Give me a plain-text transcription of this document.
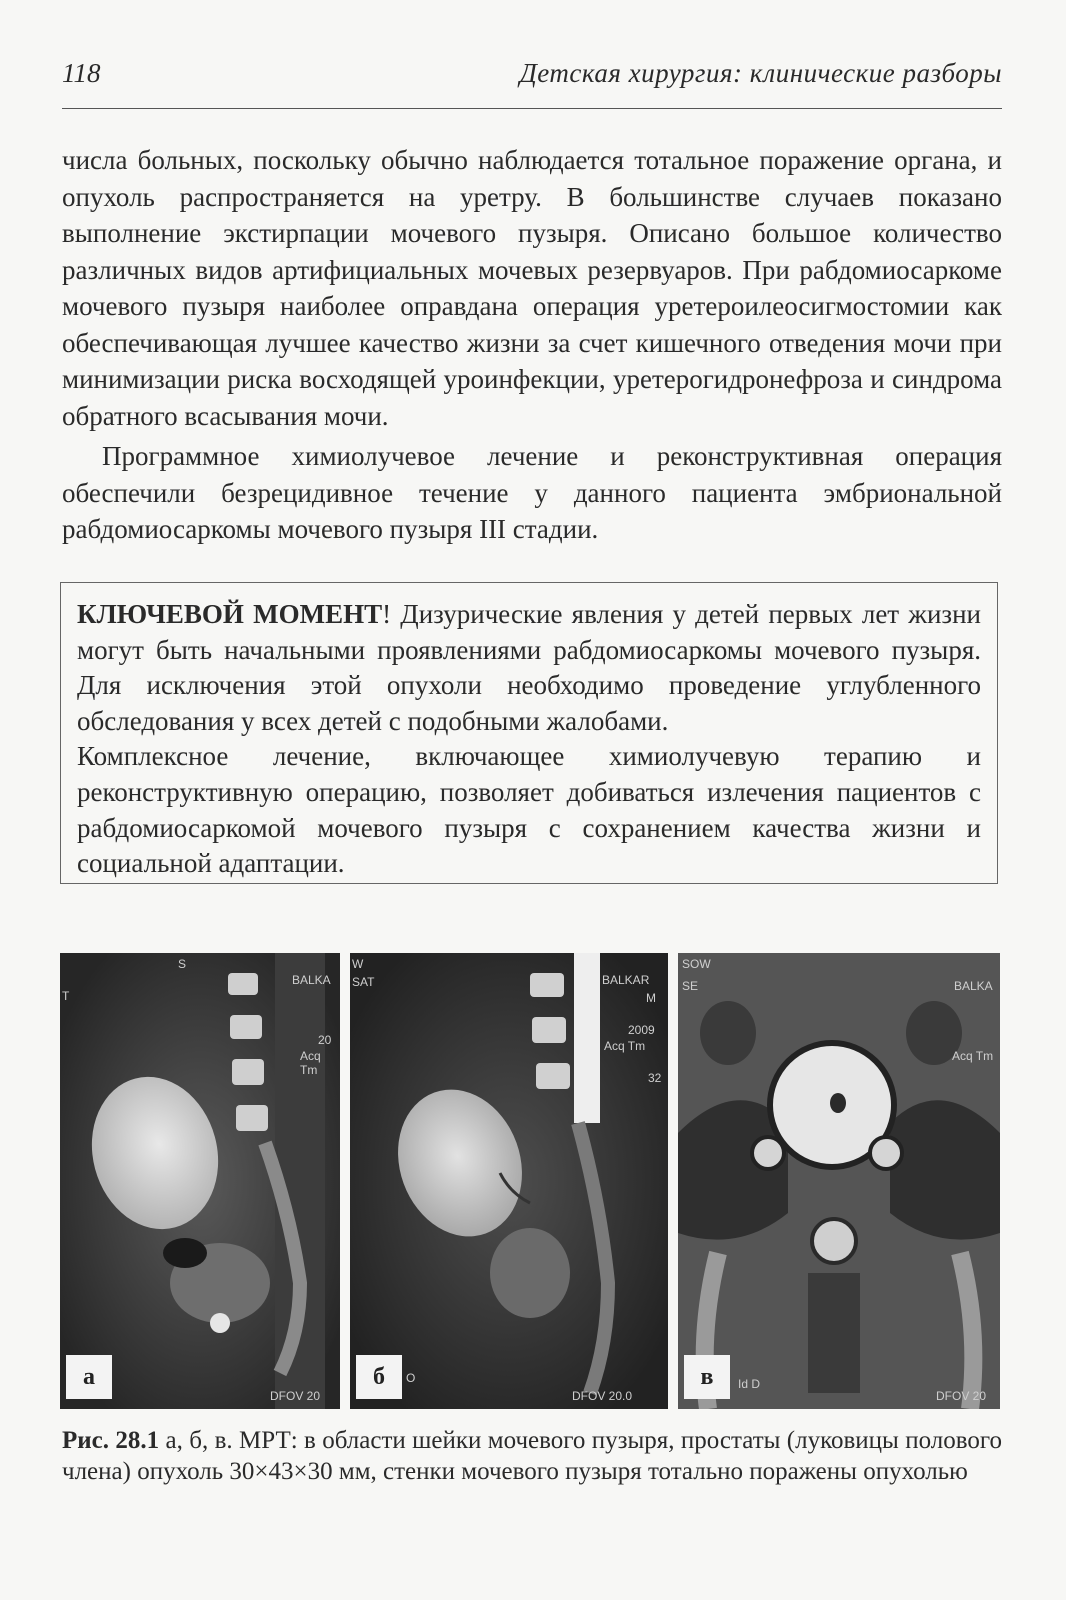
118	Детская хирургия: клинические разборы

числа больных, поскольку обычно наблюдается тотальное поражение органа, и опухоль распространяется на уретру. В большинстве случаев показано выполнение экстирпации мочевого пузыря. Описано большое количество различных видов артифициальных мочевых резервуаров. При рабдомиосаркоме мочевого пузыря наиболее оправдана операция уретероилеосигмостомии как обеспечивающая лучшее качество жизни за счет кишечного отведения мочи при минимизации риска восходящей уроинфекции, уретерогидронефроза и синдрома обратного всасывания мочи.

Программное химиолучевое лечение и реконструктивная операция обеспечили безрецидивное течение у данного пациента эмбриональной рабдомиосаркомы мочевого пузыря III стадии.

КЛЮЧЕВОЙ МОМЕНТ! Дизурические явления у детей первых лет жизни могут быть начальными проявлениями рабдомиосаркомы мочевого пузыря. Для исключения этой опухоли необходимо проведение углубленного обследования у всех детей с подобными жалобами.
Комплексное лечение, включающее химиолучевую терапию и реконструктивную операцию, позволяет добиваться излечения пациентов с рабдомиосаркомой мочевого пузыря с сохранением качества жизни и социальной адаптации.
S
T
BALKA
20
Acq Tm
DFOV 20
а
W
SAT	BALKAR
M
2009
Acq Tm
32
O
DFOV 20.0
б
SOW
SE	BALKA
Acq Tm
Id D
DFOV 20
в

Рис. 28.1 а, б, в. МРТ: в области шейки мочевого пузыря, простаты (луковицы полового члена) опухоль 30×43×30 мм, стенки мочевого пузыря тотально поражены опухолью
